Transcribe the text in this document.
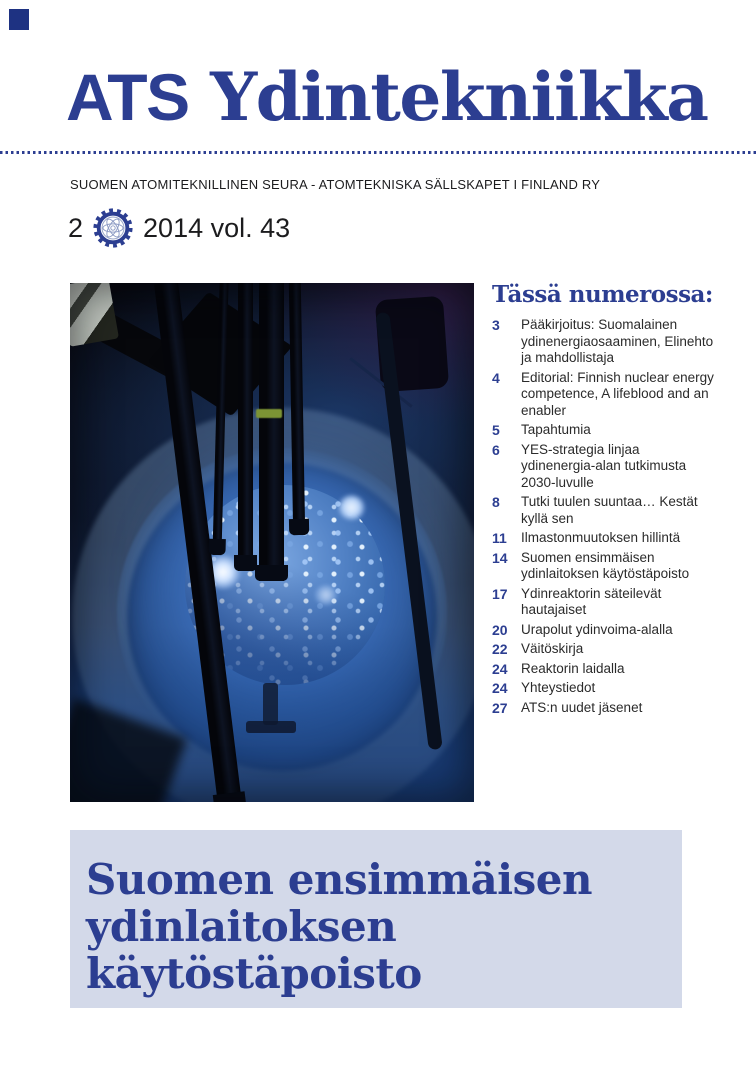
ATS Ydintekniikka
SUOMEN ATOMITEKNILLINEN SEURA - ATOMTEKNISKA SÄLLSKAPET I FINLAND RY
2 2014 vol. 43
Tässä numerossa:
3	Pääkirjoitus: Suomalainen ydinenergiaosaaminen, Elinehto ja mahdollistaja
4	Editorial: Finnish nuclear energy competence, A lifeblood and an enabler
5	Tapahtumia
6	YES-strategia linjaa ydinenergia-alan tutkimusta 2030-luvulle
8	Tutki tuulen suuntaa… Kestät kyllä sen
11	Ilmastonmuutoksen hillintä
14 Suomen ensimmäisen ydinlaitoksen käytöstäpoisto
17 Ydinreaktorin säteilevät hautajaiset
20 Urapolut ydinvoima-alalla
22 Väitöskirja
24 Reaktorin laidalla
24 Yhteystiedot
27 ATS:n uudet jäsenet
Suomen ensimmäisen
ydinlaitoksen käytöstäpoisto
